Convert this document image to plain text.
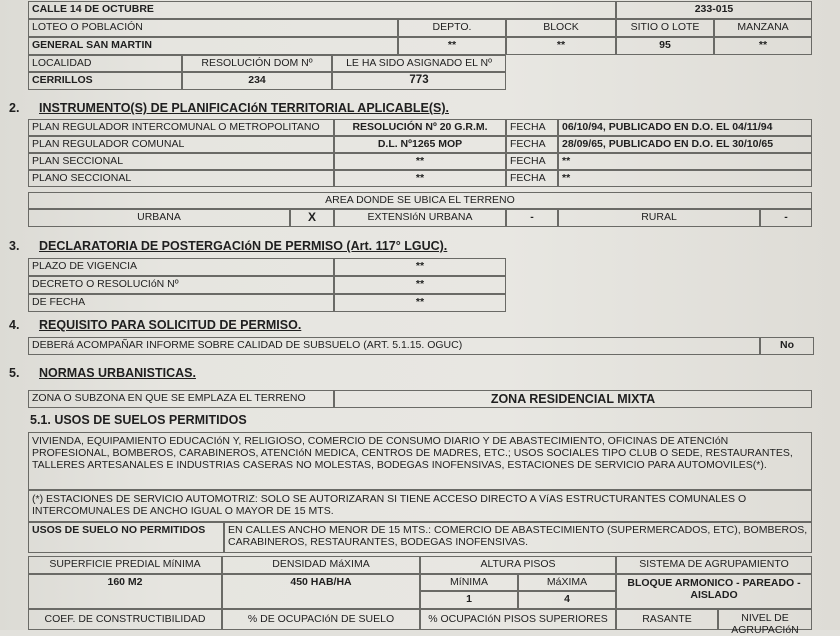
CALLE 14 DE OCTUBRE	233-015
LOTEO O POBLACIÓN	DEPTO.	BLOCK	SITIO O LOTE	MANZANA
GENERAL SAN MARTIN	**	**	95	**
LOCALIDAD	RESOLUCIÓN DOM Nº	LE HA SIDO ASIGNADO EL Nº
CERRILLOS	234	773
2. INSTRUMENTO(S) DE PLANIFICACIóN TERRITORIAL APLICABLE(S).
PLAN REGULADOR INTERCOMUNAL O METROPOLITANO	RESOLUCIÓN Nº 20 G.R.M.	FECHA	06/10/94, PUBLICADO EN D.O. EL 04/11/94
PLAN REGULADOR COMUNAL	D.L. Nº1265 MOP	FECHA	28/09/65, PUBLICADO EN D.O. EL 30/10/65
PLAN SECCIONAL	**	FECHA	**
PLANO SECCIONAL	**	FECHA	**
AREA DONDE SE UBICA EL TERRENO
URBANA	X	EXTENSIóN URBANA	-	RURAL	-
3. DECLARATORIA DE POSTERGACIóN DE PERMISO (Art. 117° LGUC).
PLAZO DE VIGENCIA	**
DECRETO O RESOLUCIóN Nº	**
DE FECHA	**
4. REQUISITO PARA SOLICITUD DE PERMISO.
DEBERá ACOMPAÑAR INFORME SOBRE CALIDAD DE SUBSUELO (ART. 5.1.15. OGUC)	No
5. NORMAS URBANISTICAS.
ZONA O SUBZONA EN QUE SE EMPLAZA EL TERRENO	ZONA RESIDENCIAL MIXTA
5.1. USOS DE SUELOS PERMITIDOS
VIVIENDA, EQUIPAMIENTO EDUCACIóN Y, RELIGIOSO, COMERCIO DE CONSUMO DIARIO Y DE ABASTECIMIENTO, OFICINAS DE ATENCIóN PROFESIONAL, BOMBEROS, CARABINEROS, ATENCIóN MEDICA, CENTROS DE MADRES, ETC.; USOS SOCIALES TIPO CLUB O SEDE, RESTAURANTES, TALLERES ARTESANALES E INDUSTRIAS CASERAS NO MOLESTAS, BODEGAS INOFENSIVAS, ESTACIONES DE SERVICIO PARA AUTOMOVILES(*).
(*) ESTACIONES DE SERVICIO AUTOMOTRIZ: SOLO SE AUTORIZARAN SI TIENE ACCESO DIRECTO A VíAS ESTRUCTURANTES COMUNALES O INTERCOMUNALES DE ANCHO IGUAL O MAYOR DE 15 MTS.
USOS DE SUELO NO PERMITIDOS	EN CALLES ANCHO MENOR DE 15 MTS.: COMERCIO DE ABASTECIMIENTO (SUPERMERCADOS, ETC), BOMBEROS, CARABINEROS, RESTAURANTES, BODEGAS INOFENSIVAS.
SUPERFICIE PREDIAL MíNIMA	DENSIDAD MáXIMA	ALTURA PISOS	SISTEMA DE AGRUPAMIENTO
160 M2	450 HAB/HA	MíNIMA	MáXIMA
1	4
BLOQUE ARMONICO - PAREADO - AISLADO
COEF. DE CONSTRUCTIBILIDAD	% DE OCUPACIóN DE SUELO	% OCUPACIóN PISOS SUPERIORES	RASANTE	NIVEL DE AGRUPACIóN
